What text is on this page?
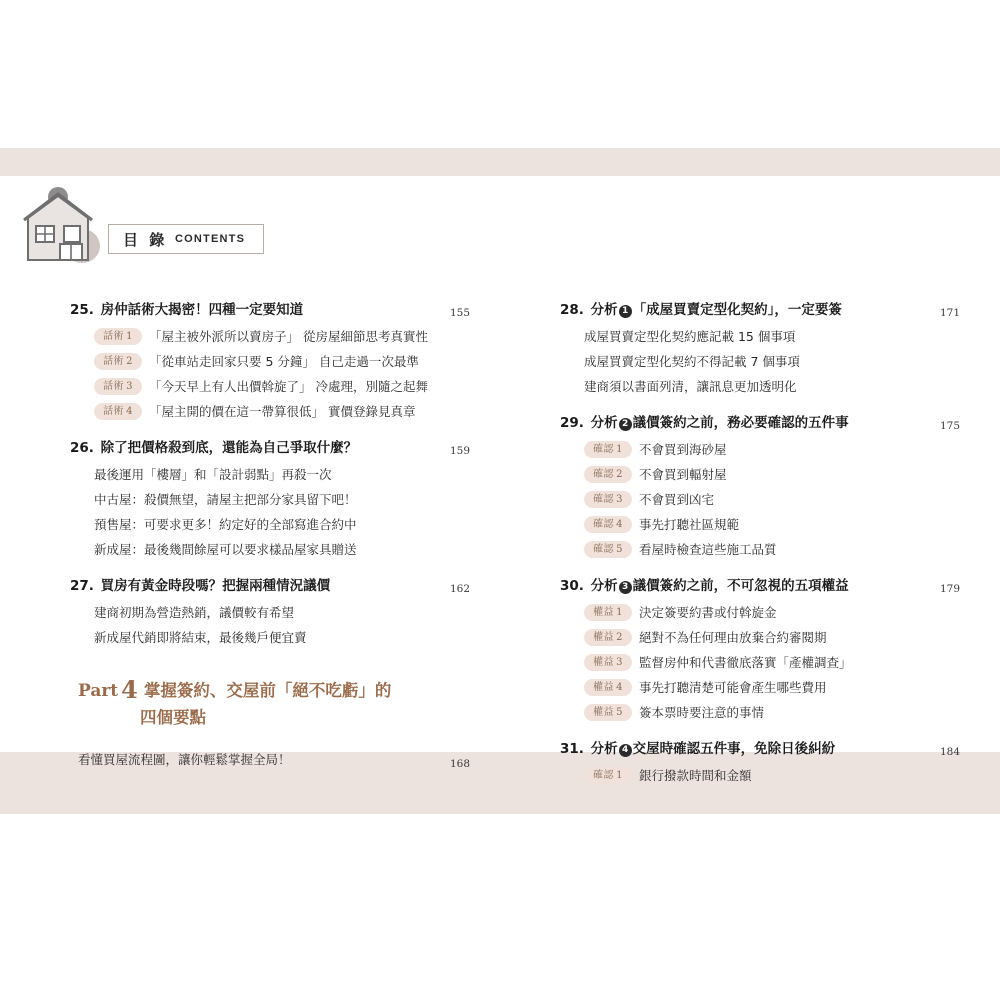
目 錄 CONTENTS
25. 房仲話術大揭密！四種一定要知道	155
話術 1 「屋主被外派所以賣房子」 從房屋細節思考真實性
話術 2 「從車站走回家只要 5 分鐘」 自己走過一次最準
話術 3 「今天早上有人出價斡旋了」 冷處理，別隨之起舞
話術 4 「屋主開的價在這一帶算很低」 實價登錄見真章
26. 除了把價格殺到底，還能為自己爭取什麼？	159
最後運用「樓層」和「設計弱點」再殺一次
中古屋：殺價無望，請屋主把部分家具留下吧！
預售屋：可要求更多！約定好的全部寫進合約中
新成屋：最後幾間餘屋可以要求樣品屋家具贈送
27. 買房有黃金時段嗎？把握兩種情況議價	162
建商初期為營造熱銷，議價較有希望
新成屋代銷即將結束，最後幾戶便宜賣
Part 4 掌握簽約、交屋前「絕不吃虧」的
四個要點
看懂買屋流程圖，讓你輕鬆掌握全局！	168
28. 分析 1 「成屋買賣定型化契約」，一定要簽	171
成屋買賣定型化契約應記載 15 個事項
成屋買賣定型化契約不得記載 7 個事項
建商須以書面列清，讓訊息更加透明化
29. 分析 2 議價簽約之前，務必要確認的五件事	175
確認 1 不會買到海砂屋
確認 2 不會買到輻射屋
確認 3 不會買到凶宅
確認 4 事先打聽社區規範
確認 5 看屋時檢查這些施工品質
30. 分析 3 議價簽約之前，不可忽視的五項權益	179
權益 1 決定簽要約書或付斡旋金
權益 2 絕對不為任何理由放棄合約審閱期
權益 3 監督房仲和代書徹底落實「產權調查」
權益 4 事先打聽清楚可能會產生哪些費用
權益 5 簽本票時要注意的事情
31. 分析 4 交屋時確認五件事，免除日後糾紛	184
確認 1 銀行撥款時間和金額
